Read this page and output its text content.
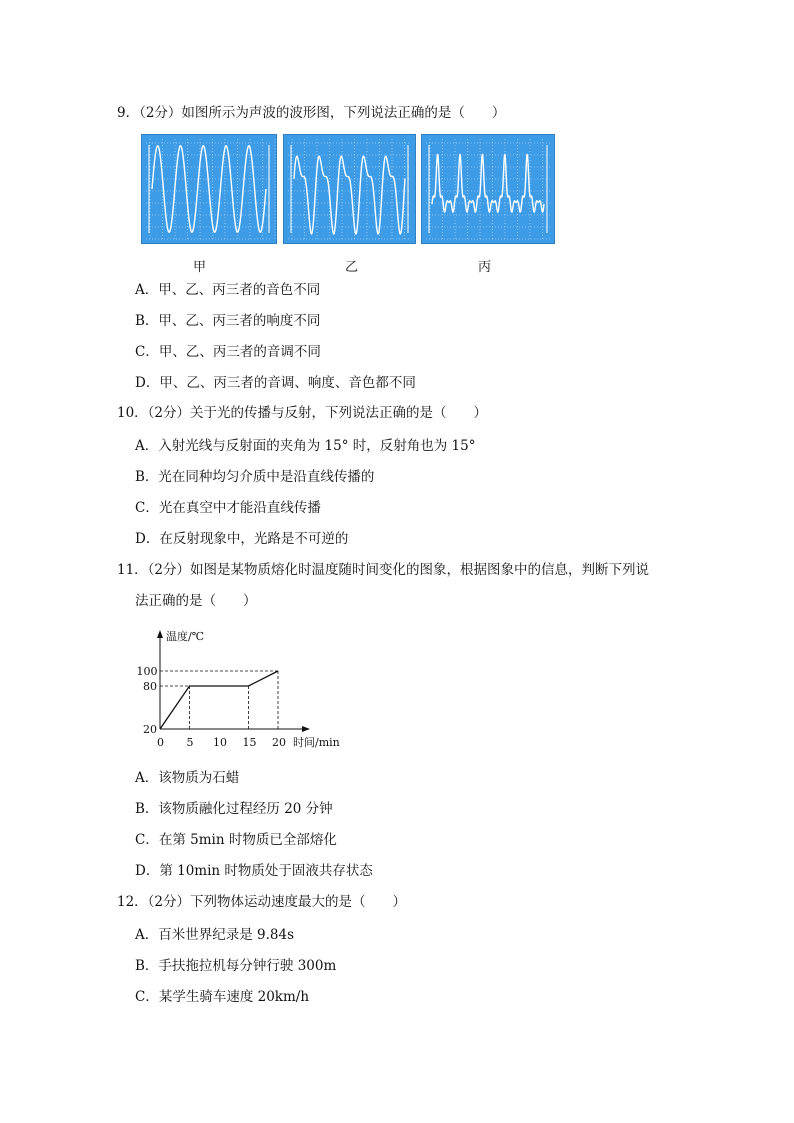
9．（2分）如图所示为声波的波形图，下列说法正确的是（　　）
甲	乙	丙
A．甲、乙、丙三者的音色不同
B．甲、乙、丙三者的响度不同
C．甲、乙、丙三者的音调不同
D．甲、乙、丙三者的音调、响度、音色都不同
10．（2分）关于光的传播与反射，下列说法正确的是（　　）
A．入射光线与反射面的夹角为 15° 时，反射角也为 15°
B．光在同种均匀介质中是沿直线传播的
C．光在真空中才能沿直线传播
D．在反射现象中，光路是不可逆的
11．（2分）如图是某物质熔化时温度随时间变化的图象，根据图象中的信息，判断下列说
法正确的是（　　）
温度/℃
时间/min
0 5 10 15 20
20
80
100
A．该物质为石蜡
B．该物质融化过程经历 20 分钟
C．在第 5min 时物质已全部熔化
D．第 10min 时物质处于固液共存状态
12．（2分）下列物体运动速度最大的是（　　）
A．百米世界纪录是 9.84s
B．手扶拖拉机每分钟行驶 300m
C．某学生骑车速度 20km/h
